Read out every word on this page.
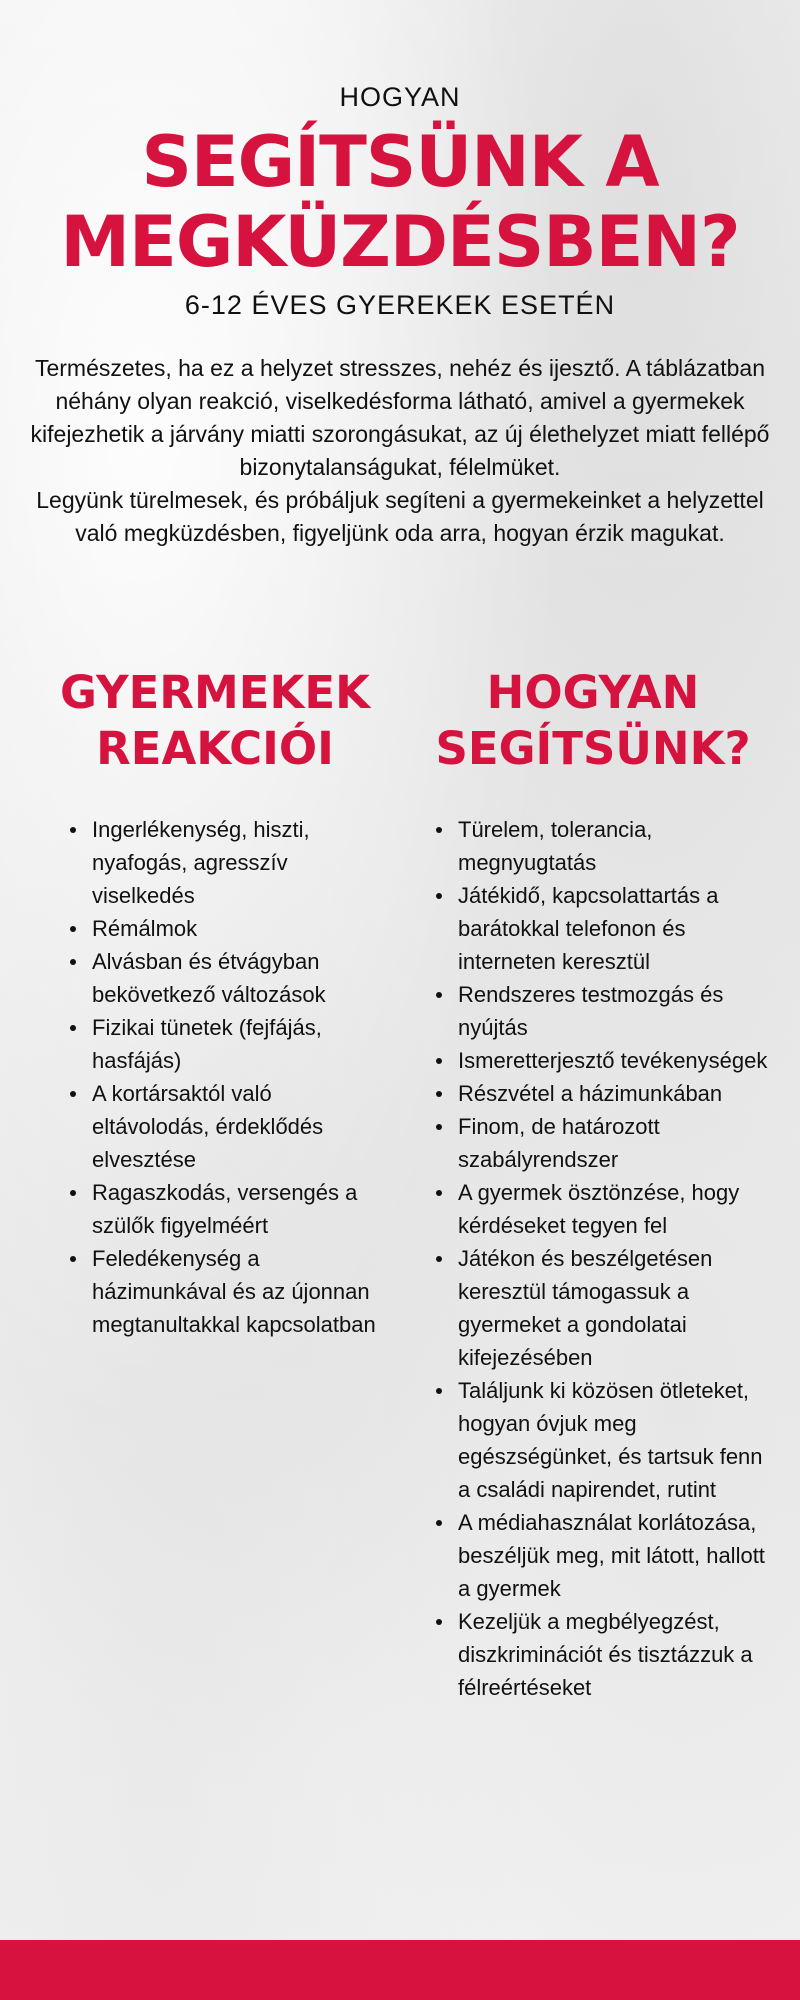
HOGYAN
SEGÍTSÜNK A
MEGKÜZDÉSBEN?
6-12 ÉVES GYEREKEK ESETÉN

Természetes, ha ez a helyzet stresszes, nehéz és ijesztő. A táblázatban néhány olyan reakció, viselkedésforma látható, amivel a gyermekek kifejezhetik a járvány miatti szorongásukat, az új élethelyzet miatt fellépő bizonytalanságukat, félelmüket.

Legyünk türelmesek, és próbáljuk segíteni a gyermekeinket a helyzettel való megküzdésben, figyeljünk oda arra, hogyan érzik magukat.

GYERMEKEK
REAKCIÓI
Ingerlékenység, hiszti, nyafogás, agresszív viselkedés
Rémálmok
Alvásban és étvágyban bekövetkező változások
Fizikai tünetek (fejfájás, hasfájás)
A kortársaktól való eltávolodás, érdeklődés elvesztése
Ragaszkodás, versengés a szülők figyelméért
Feledékenység a házimunkával és az újonnan megtanultakkal kapcsolatban
HOGYAN
SEGÍTSÜNK?
Türelem, tolerancia, megnyugtatás
Játékidő, kapcsolattartás a barátokkal telefonon és interneten keresztül
Rendszeres testmozgás és nyújtás
Ismeretterjesztő tevékenységek
Részvétel a házimunkában
Finom, de határozott szabályrendszer
A gyermek ösztönzése, hogy kérdéseket tegyen fel
Játékon és beszélgetésen keresztül támogassuk a gyermeket a gondolatai kifejezésében
Találjunk ki közösen ötleteket, hogyan óvjuk meg egészségünket, és tartsuk fenn a családi napirendet, rutint
A médiahasználat korlátozása, beszéljük meg, mit látott, hallott a gyermek
Kezeljük a megbélyegzést, diszkriminációt és tisztázzuk a félreértéseket
